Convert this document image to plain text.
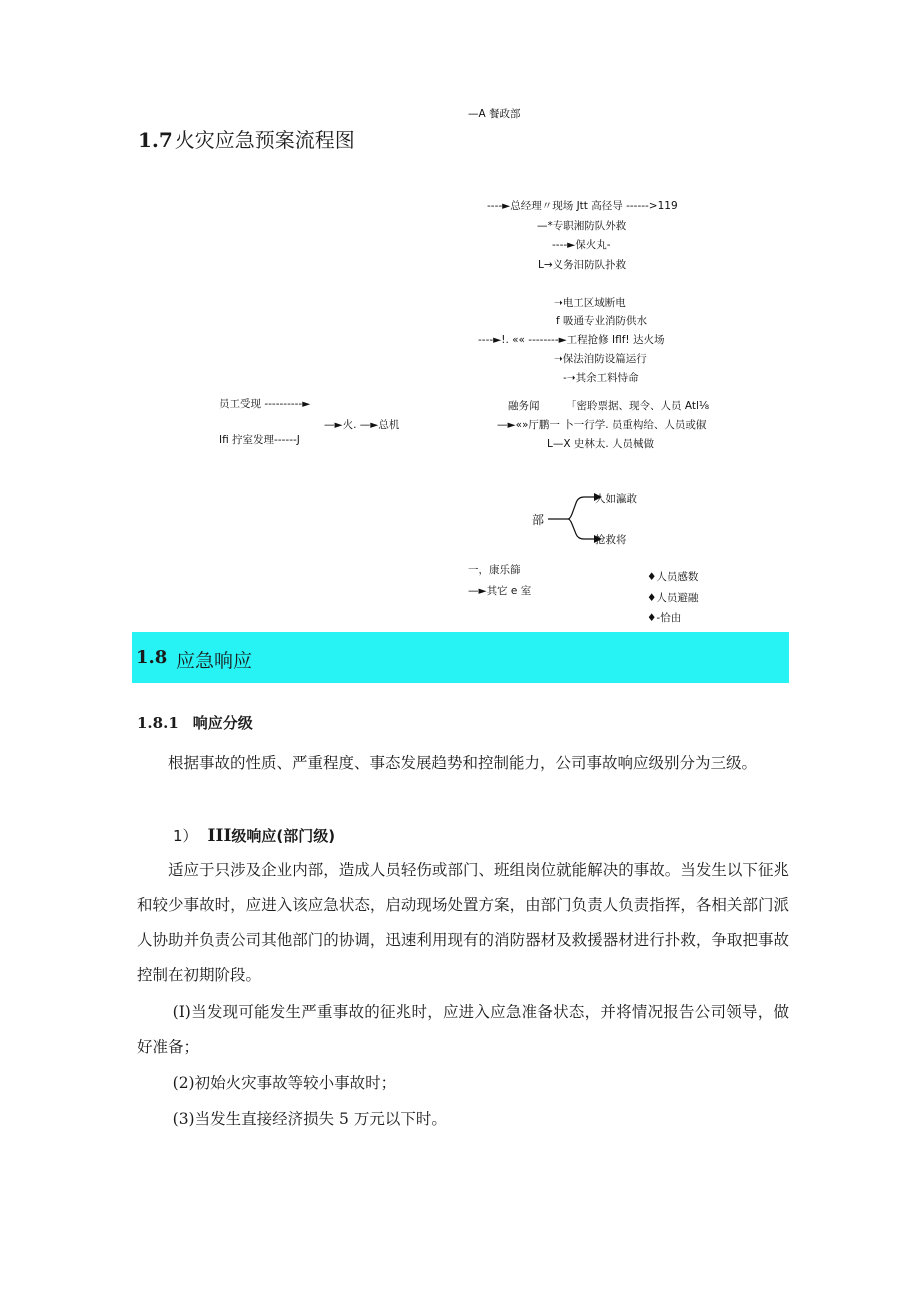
1.7 火灾应急预案流程图
—A 餐政部
----►总经理〃现场 Jtt 高径导 ------>119
—*专职湘防队外救
----►保火丸-
L→义务汨防队扑救
➝电工区域断电
f 吸通专业消防供水
----►!. «« --------►工程抢修 Iflf! 达火场
➝保法洎防设篇运行
-➝其余工料恃命
员工受现 ----------►
—►火. —►总机
Ifi 拧室发理------J
融务闻	「密聆票据、现令、人员 Atl⅛
—►«»厅鹏一 卜一行学. 员重构给、人员或俶
L—X 史林太. 人员械做
部
人如瀛敢
抢救将
一，康乐篩
—►其它 e 室
♦人员感数
♦人员避融
♦-恰由
1.8 应急响应
1.8.1 响应分级
根据事故的性质、严重程度、事态发展趋势和控制能力，公司事故响应级别分为三级。
1） III级响应(部门级)
适应于只涉及企业内部，造成人员轻伤或部门、班组岗位就能解决的事故。当发生以下征兆和较少事故时，应进入该应急状态，启动现场处置方案，由部门负责人负责指挥，各相关部门派人协助并负责公司其他部门的协调，迅速利用现有的消防器材及救援器材进行扑救，争取把事故控制在初期阶段。
(I)当发现可能发生严重事故的征兆时，应进入应急准备状态，并将情况报告公司领导，做好准备；
(2)初始火灾事故等较小事故时；
(3)当发生直接经济损失 5 万元以下时。
